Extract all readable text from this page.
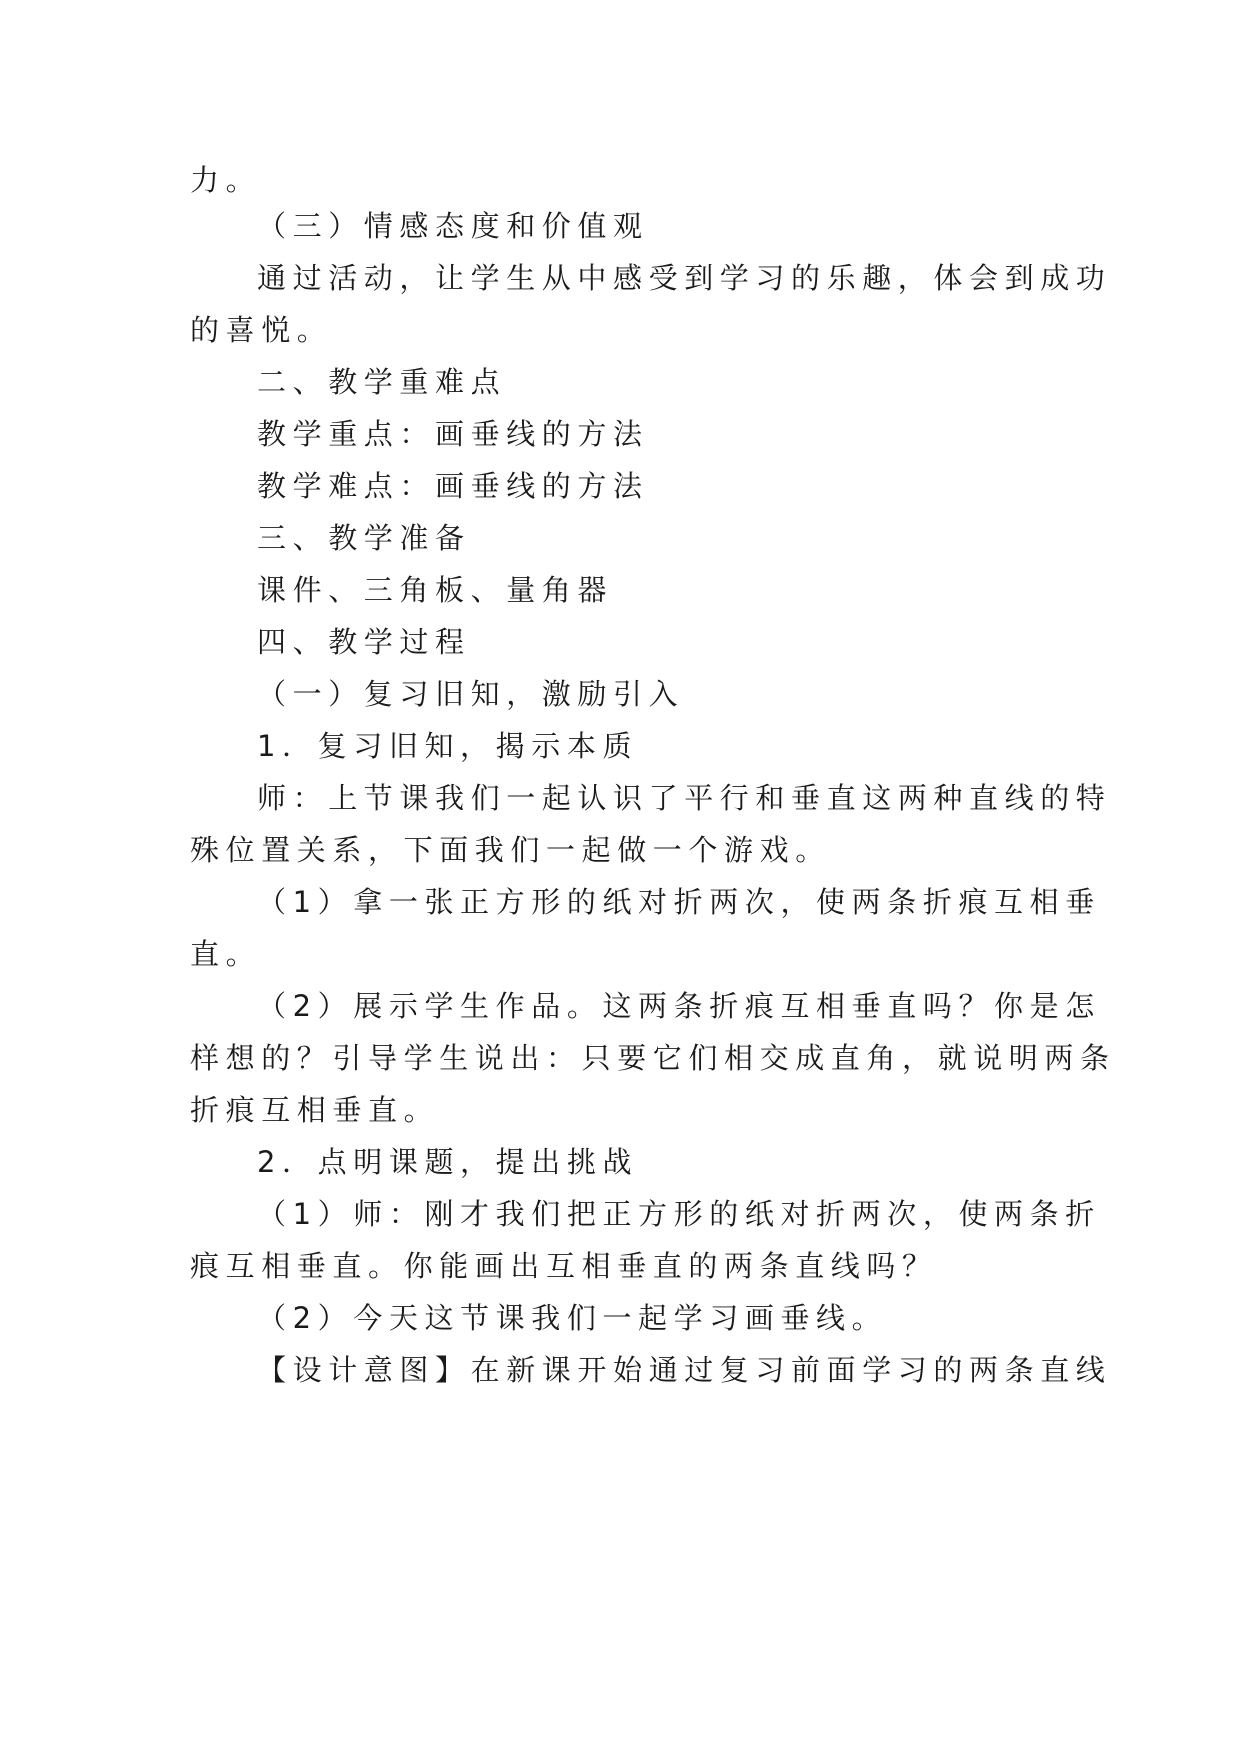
力。
（三）情感态度和价值观
通过活动，让学生从中感受到学习的乐趣，体会到成功
的喜悦。
二、教学重难点
教学重点：画垂线的方法
教学难点：画垂线的方法
三、教学准备
课件、三角板、量角器
四、教学过程
（一）复习旧知，激励引入
1．复习旧知，揭示本质
师：上节课我们一起认识了平行和垂直这两种直线的特
殊位置关系，下面我们一起做一个游戏。
（1）拿一张正方形的纸对折两次，使两条折痕互相垂
直。
（2）展示学生作品。这两条折痕互相垂直吗？你是怎
样想的？引导学生说出：只要它们相交成直角，就说明两条
折痕互相垂直。
2．点明课题，提出挑战
（1）师：刚才我们把正方形的纸对折两次，使两条折
痕互相垂直。你能画出互相垂直的两条直线吗？
（2）今天这节课我们一起学习画垂线。
【设计意图】在新课开始通过复习前面学习的两条直线
